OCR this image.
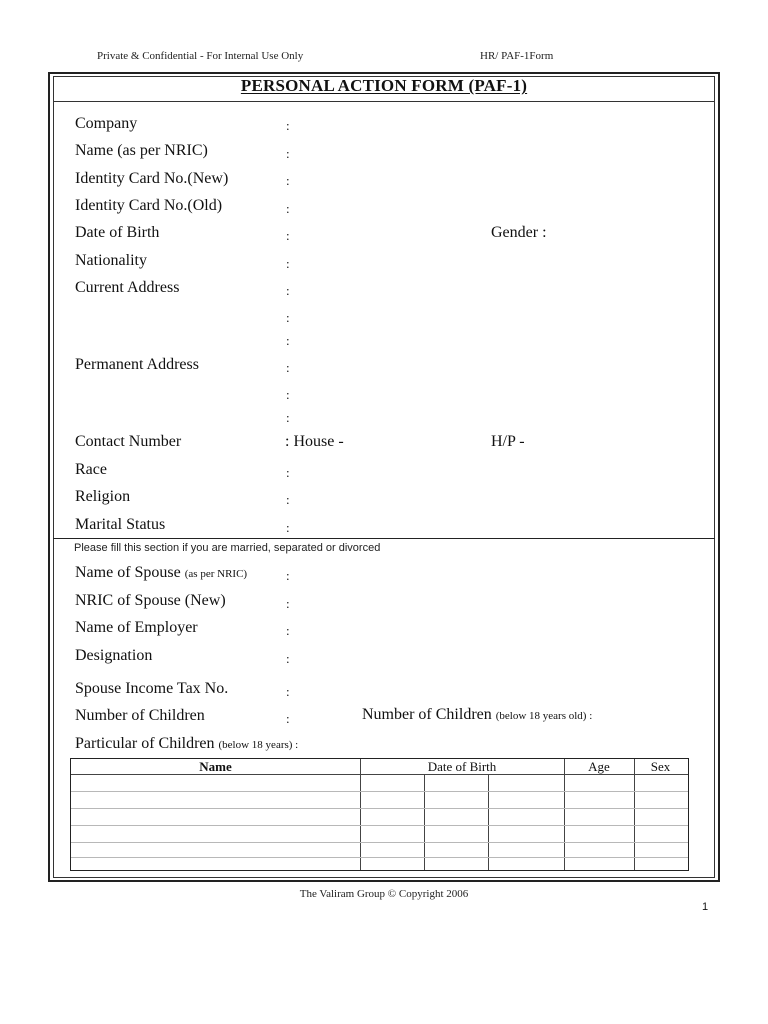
Private & Confidential - For Internal Use Only	HR/ PAF-1Form
PERSONAL ACTION FORM (PAF-1)
Company	:
Name (as per NRIC)	:
Identity Card No.(New)	:
Identity Card No.(Old)	:
Date of Birth	:	Gender :
Nationality	:
Current Address	:
:
:
Permanent Address	:
:
:
Contact Number	: House -	H/P -
Race	:
Religion	:
Marital Status	:
Please fill this section if you are married, separated or divorced
Name of Spouse (as per NRIC)	:
NRIC of Spouse (New)	:
Name of Employer	:
Designation	:
Spouse Income Tax No.	:
Number of Children	:	Number of Children (below 18 years old) :
Particular of Children (below 18 years) :
Name	Date of Birth	Age	Sex
The Valiram Group © Copyright 2006
1
